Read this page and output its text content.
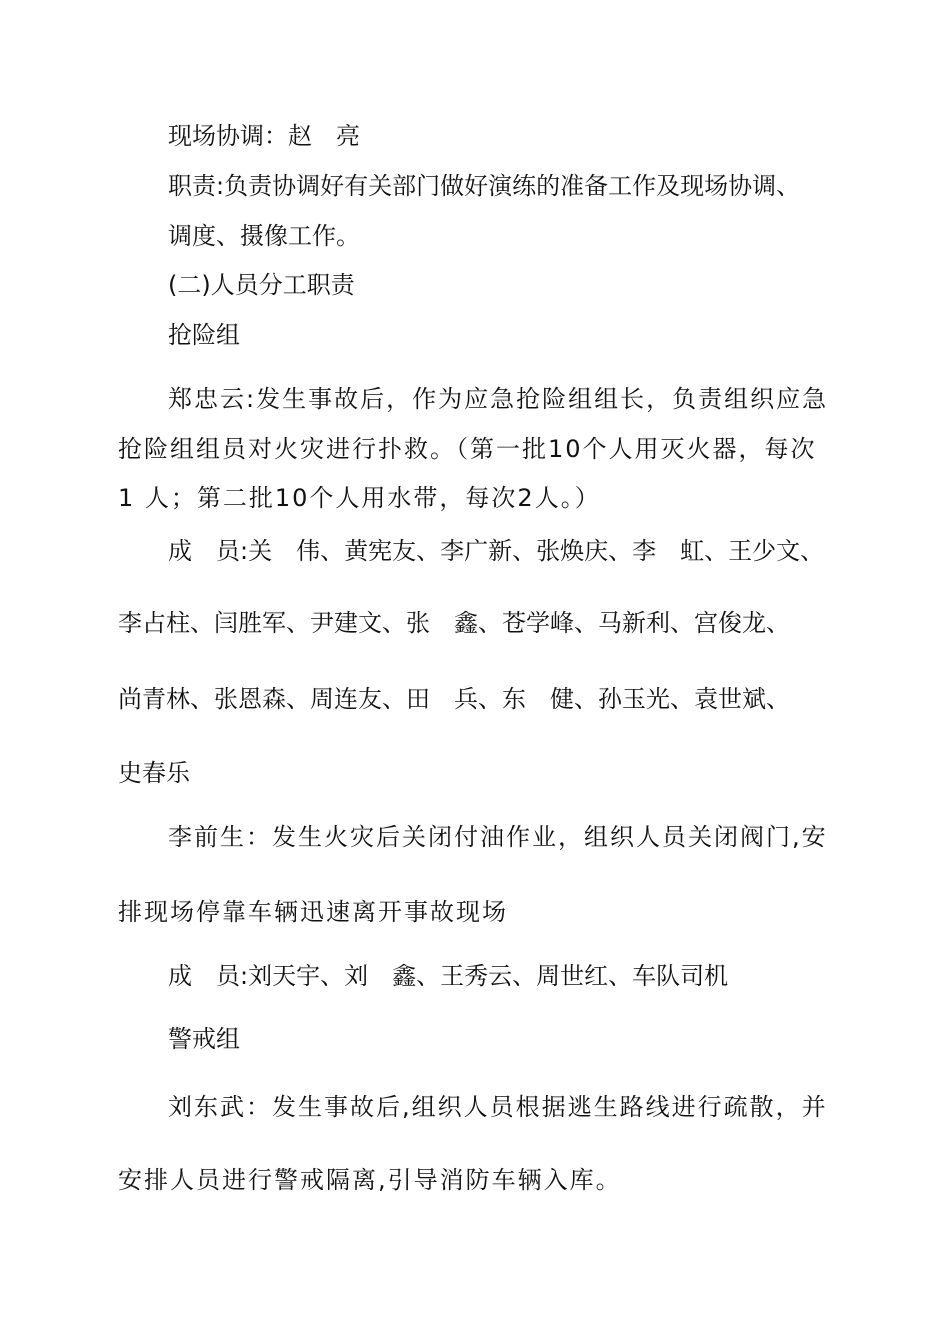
现场协调：赵　亮

职责:负责协调好有关部门做好演练的准备工作及现场协调、

调度、摄像工作。

(二)人员分工职责

抢险组

郑忠云:发生事故后，作为应急抢险组组长，负责组织应急

抢险组组员对火灾进行扑救。（第一批10个人用灭火器，每次

1 人；第二批10个人用水带，每次2人。）

成　员:关　伟、黄宪友、李广新、张焕庆、李　虹、王少文、

李占柱、闫胜军、尹建文、张　鑫、苍学峰、马新利、宫俊龙、

尚青林、张恩森、周连友、田　兵、东　健、孙玉光、袁世斌、

史春乐

李前生：发生火灾后关闭付油作业，组织人员关闭阀门,安

排现场停靠车辆迅速离开事故现场

成　员:刘天宇、刘　鑫、王秀云、周世红、车队司机

警戒组

刘东武：发生事故后,组织人员根据逃生路线进行疏散，并

安排人员进行警戒隔离,引导消防车辆入库。
